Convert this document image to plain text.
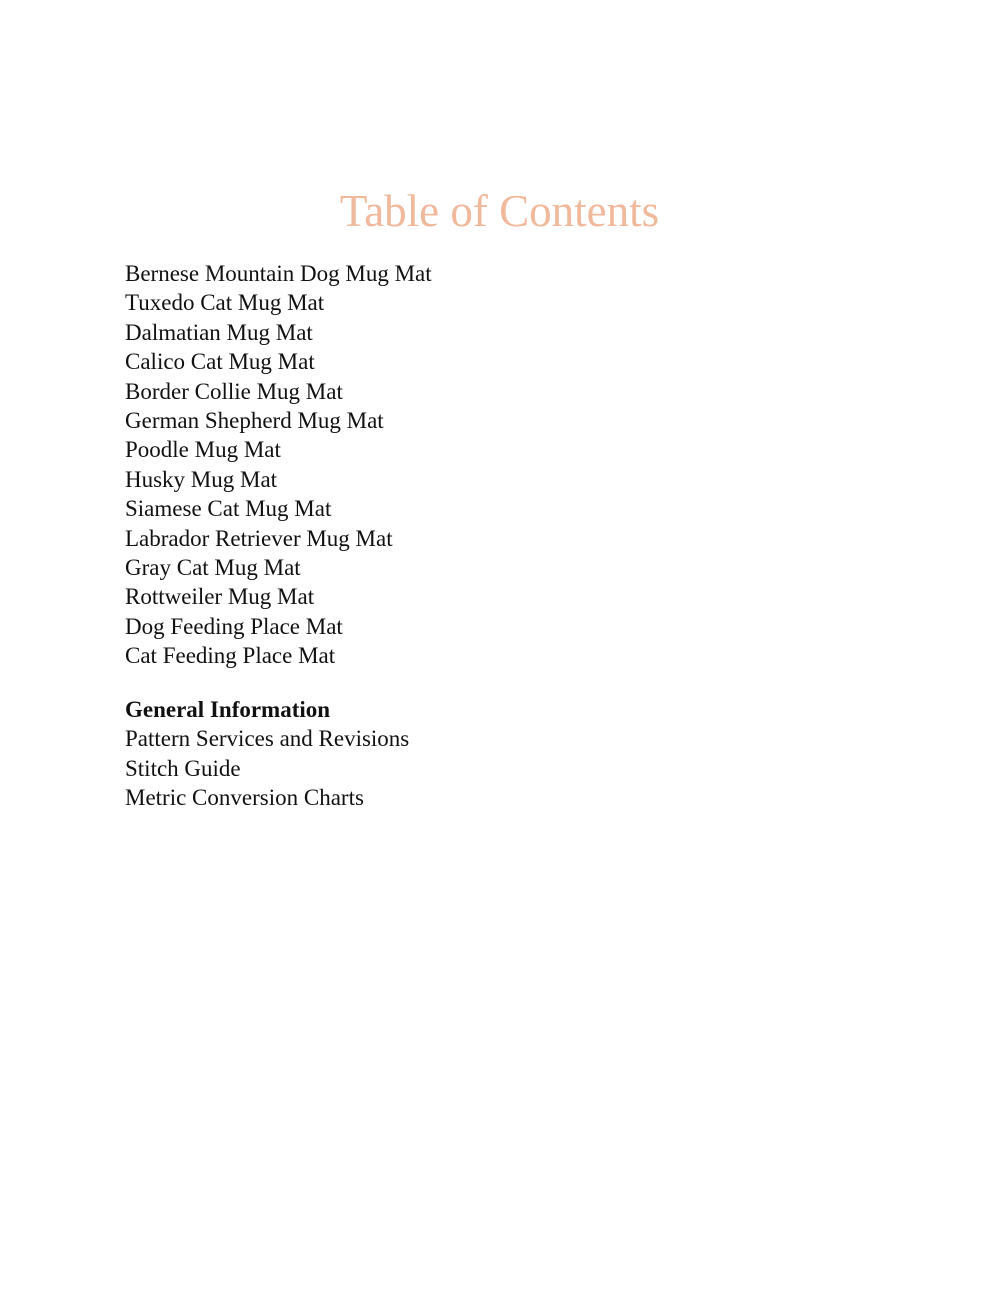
Table of Contents
Bernese Mountain Dog Mug Mat
Tuxedo Cat Mug Mat
Dalmatian Mug Mat
Calico Cat Mug Mat
Border Collie Mug Mat
German Shepherd Mug Mat
Poodle Mug Mat
Husky Mug Mat
Siamese Cat Mug Mat
Labrador Retriever Mug Mat
Gray Cat Mug Mat
Rottweiler Mug Mat
Dog Feeding Place Mat
Cat Feeding Place Mat

General Information

Pattern Services and Revisions
Stitch Guide
Metric Conversion Charts
